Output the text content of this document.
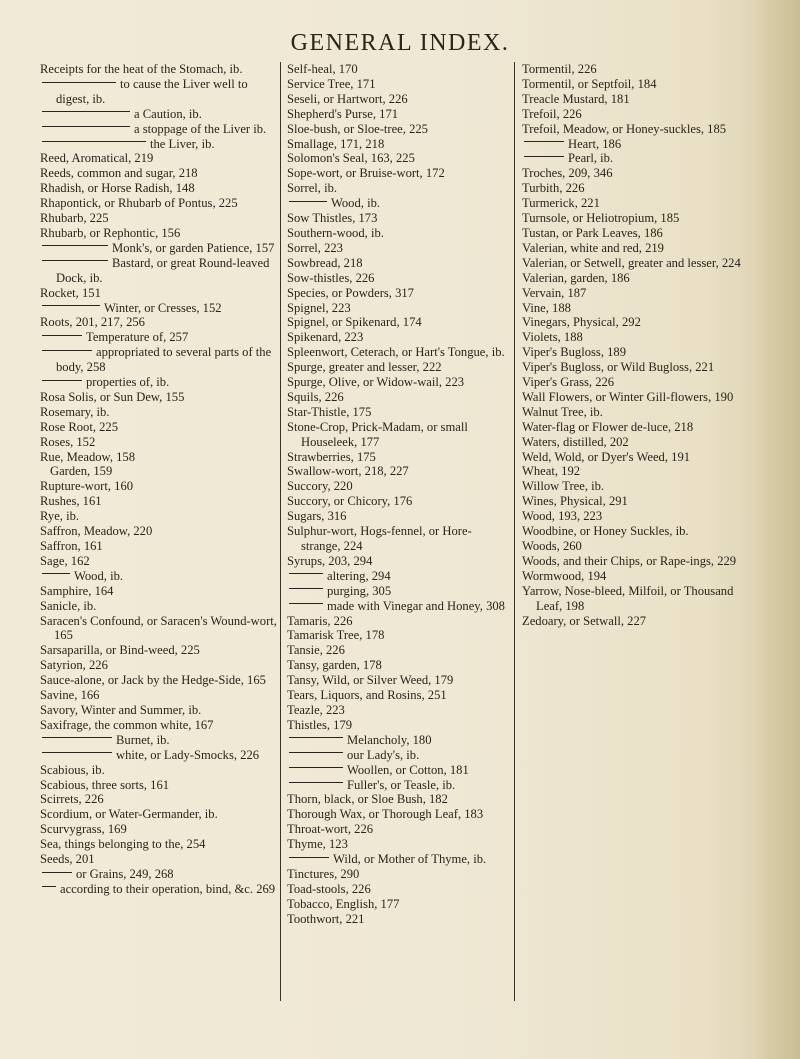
GENERAL INDEX.

Receipts for the heat of the Stomach, ib.

to cause the Liver well to digest, ib.

a Caution, ib.

a stoppage of the Liver ib.

the Liver, ib.

Reed, Aromatical, 219

Reeds, common and sugar, 218

Rhadish, or Horse Radish, 148

Rhapontick, or Rhubarb of Pontus, 225

Rhubarb, 225

Rhubarb, or Rephontic, 156

Monk's, or garden Patience, 157

Bastard, or great Round-leaved Dock, ib.

Rocket, 151

Winter, or Cresses, 152

Roots, 201, 217, 256

Temperature of, 257

appropriated to several parts of the body, 258

properties of, ib.

Rosa Solis, or Sun Dew, 155

Rosemary, ib.

Rose Root, 225

Roses, 152

Rue, Meadow, 158

Garden, 159

Rupture-wort, 160

Rushes, 161

Rye, ib.

Saffron, Meadow, 220

Saffron, 161

Sage, 162

Wood, ib.

Samphire, 164

Sanicle, ib.

Saracen's Confound, or Saracen's Wound-wort, 165

Sarsaparilla, or Bind-weed, 225

Satyrion, 226

Sauce-alone, or Jack by the Hedge-Side, 165

Savine, 166

Savory, Winter and Summer, ib.

Saxifrage, the common white, 167

Burnet, ib.

white, or Lady-Smocks, 226

Scabious, ib.

Scabious, three sorts, 161

Scirrets, 226

Scordium, or Water-Germander, ib.

Scurvygrass, 169

Sea, things belonging to the, 254

Seeds, 201

or Grains, 249, 268

according to their operation, bind, &c. 269

Self-heal, 170

Service Tree, 171

Seseli, or Hartwort, 226

Shepherd's Purse, 171

Sloe-bush, or Sloe-tree, 225

Smallage, 171, 218

Solomon's Seal, 163, 225

Sope-wort, or Bruise-wort, 172

Sorrel, ib.

Wood, ib.

Sow Thistles, 173

Southern-wood, ib.

Sorrel, 223

Sowbread, 218

Sow-thistles, 226

Species, or Powders, 317

Spignel, 223

Spignel, or Spikenard, 174

Spikenard, 223

Spleenwort, Ceterach, or Hart's Tongue, ib.

Spurge, greater and lesser, 222

Spurge, Olive, or Widow-wail, 223

Squils, 226

Star-Thistle, 175

Stone-Crop, Prick-Madam, or small Houseleek, 177

Strawberries, 175

Swallow-wort, 218, 227

Succory, 220

Succory, or Chicory, 176

Sugars, 316

Sulphur-wort, Hogs-fennel, or Hore-strange, 224

Syrups, 203, 294

altering, 294

purging, 305

made with Vinegar and Honey, 308

Tamaris, 226

Tamarisk Tree, 178

Tansie, 226

Tansy, garden, 178

Tansy, Wild, or Silver Weed, 179

Tears, Liquors, and Rosins, 251

Teazle, 223

Thistles, 179

Melancholy, 180

our Lady's, ib.

Woollen, or Cotton, 181

Fuller's, or Teasle, ib.

Thorn, black, or Sloe Bush, 182

Thorough Wax, or Thorough Leaf, 183

Throat-wort, 226

Thyme, 123

Wild, or Mother of Thyme, ib.

Tinctures, 290

Toad-stools, 226

Tobacco, English, 177

Toothwort, 221

Tormentil, 226

Tormentil, or Septfoil, 184

Treacle Mustard, 181

Trefoil, 226

Trefoil, Meadow, or Honey-suckles, 185

Heart, 186

Pearl, ib.

Troches, 209, 346

Turbith, 226

Turmerick, 221

Turnsole, or Heliotropium, 185

Tustan, or Park Leaves, 186

Valerian, white and red, 219

Valerian, or Setwell, greater and lesser, 224

Valerian, garden, 186

Vervain, 187

Vine, 188

Vinegars, Physical, 292

Violets, 188

Viper's Bugloss, 189

Viper's Bugloss, or Wild Bugloss, 221

Viper's Grass, 226

Wall Flowers, or Winter Gill-flowers, 190

Walnut Tree, ib.

Water-flag or Flower de-luce, 218

Waters, distilled, 202

Weld, Wold, or Dyer's Weed, 191

Wheat, 192

Willow Tree, ib.

Wines, Physical, 291

Wood, 193, 223

Woodbine, or Honey Suckles, ib.

Woods, 260

Woods, and their Chips, or Rape-ings, 229

Wormwood, 194

Yarrow, Nose-bleed, Milfoil, or Thousand Leaf, 198

Zedoary, or Setwall, 227
